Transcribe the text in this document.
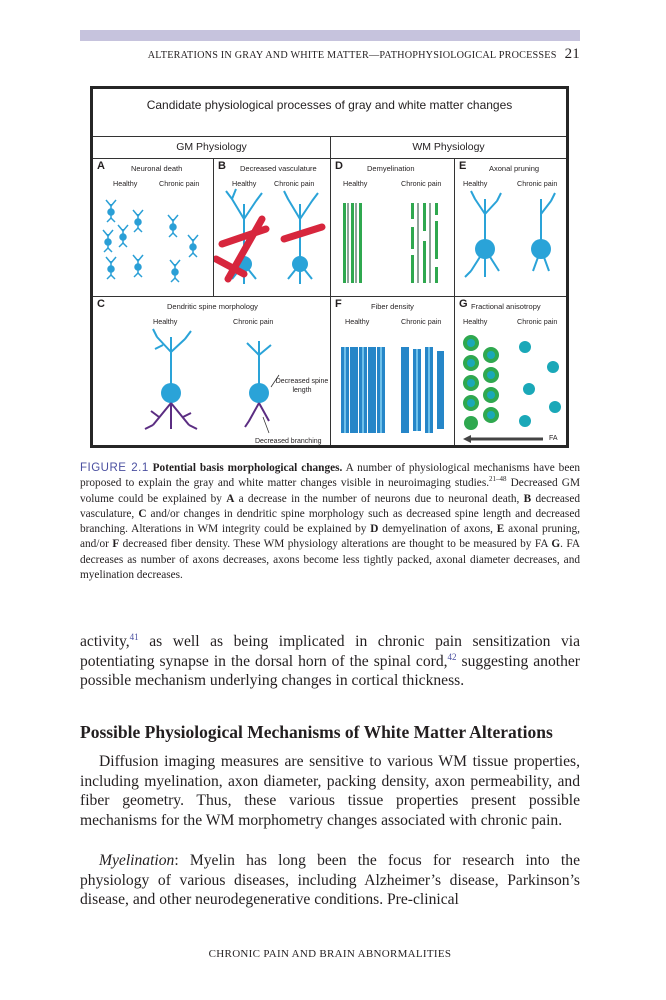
ALTERATIONS IN GRAY AND WHITE MATTER—PATHOPHYSIOLOGICAL PROCESSES 21
Candidate physiological processes of gray and white matter changes
GM Physiology	WM Physiology
A	Neuronal death
Healthy	Chronic pain
B Decreased vasculature
Healthy Chronic pain
D	Demyelination
Healthy	Chronic pain
E	Axonal pruning
Healthy	Chronic pain
C	Dendritic spine morphology
Healthy	Chronic pain
Decreased spine length
Decreased branching
F	Fiber density
Healthy	Chronic pain
G Fractional anisotropy
Healthy	Chronic pain
FA
FIGURE 2.1 Potential basis morphological changes. A number of physiological mechanisms have been proposed to explain the gray and white matter changes visible in neuroimaging studies.$^{21-48}$ Decreased GM volume could be explained by A a decrease in the number of neurons due to neuronal death, B decreased vasculature, C and/or changes in dendritic spine morphology such as decreased spine length and decreased branching. Alterations in WM integrity could be explained by D demyelination of axons, E axonal pruning, and/or F decreased fiber density. These WM physiology alterations are thought to be measured by FA G. FA decreases as number of axons decreases, axons become less tightly packed, axonal diameter decreases, and myelination decreases.
activity,$^{41}$ as well as being implicated in chronic pain sensitization via potentiating synapse in the dorsal horn of the spinal cord,$^{42}$ suggesting another possible mechanism underlying changes in cortical thickness.
Possible Physiological Mechanisms of White Matter Alterations
Diffusion imaging measures are sensitive to various WM tissue properties, including myelination, axon diameter, packing density, axon permeability, and fiber geometry. Thus, these various tissue properties present possible mechanisms for the WM morphometry changes associated with chronic pain.
Myelination: Myelin has long been the focus for research into the physiology of various diseases, including Alzheimer’s disease, Parkinson’s disease, and other neurodegenerative conditions. Pre-clinical
CHRONIC PAIN AND BRAIN ABNORMALITIES
